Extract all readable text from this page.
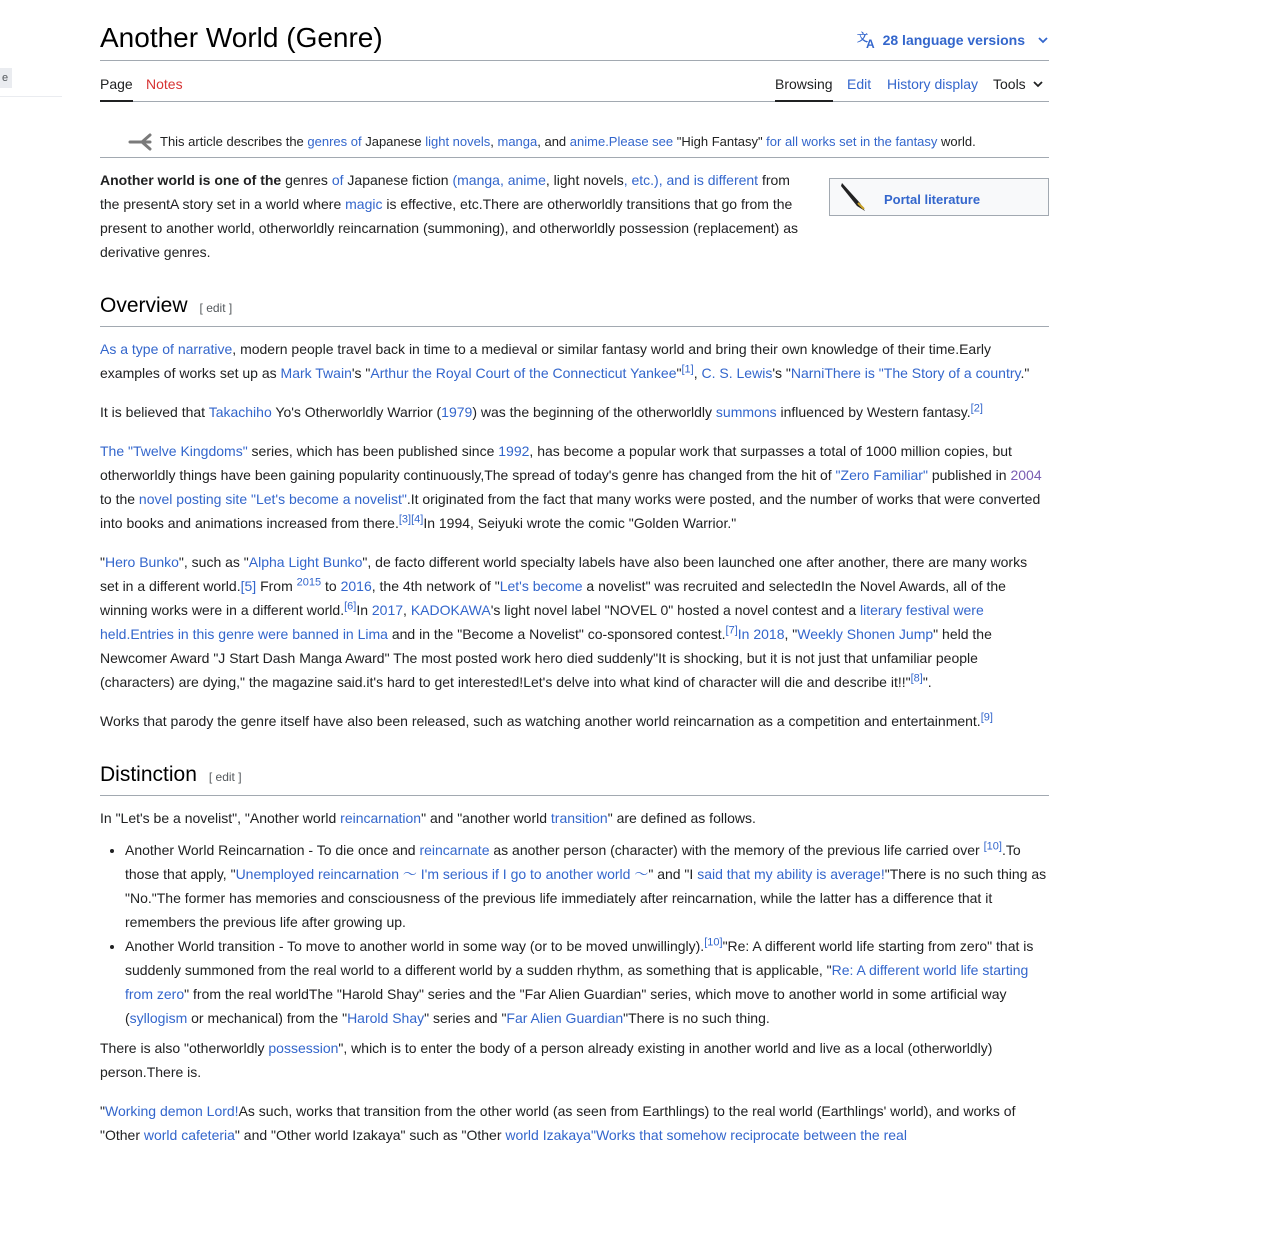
e
Another World (Genre)	文
A 28 language versions
Page Notes	Browsing Edit History display Tools
This article describes the genres of Japanese light novels, manga, and anime.Please see "High Fantasy" for all works set in the fantasy world.
Portal literature

Another world is one of the genres of Japanese fiction (manga, anime, light novels, etc.), and is different from the presentA story set in a world where magic is effective, etc.There are otherworldly transitions that go from the present to another world, otherworldly reincarnation (summoning), and otherworldly possession (replacement) as derivative genres.

Overview [ edit ]

As a type of narrative, modern people travel back in time to a medieval or similar fantasy world and bring their own knowledge of their time.Early examples of works set up as Mark Twain's "Arthur the Royal Court of the Connecticut Yankee"[1], C. S. Lewis's "NarniThere is "The Story of a country."

It is believed that Takachiho Yo's Otherworldly Warrior (1979) was the beginning of the otherworldly summons influenced by Western fantasy.[2]

The "Twelve Kingdoms" series, which has been published since 1992, has become a popular work that surpasses a total of 1000 million copies, but otherworldly things have been gaining popularity continuously,The spread of today's genre has changed from the hit of "Zero Familiar" published in 2004 to the novel posting site "Let's become a novelist".It originated from the fact that many works were posted, and the number of works that were converted into books and animations increased from there.[3][4]In 1994, Seiyuki wrote the comic "Golden Warrior."

"Hero Bunko", such as "Alpha Light Bunko", de facto different world specialty labels have also been launched one after another, there are many works set in a different world.[5] From $^{2015}$ to 2016, the 4th network of "Let's become a novelist" was recruited and selectedIn the Novel Awards, all of the winning works were in a different world.[6]In 2017, KADOKAWA's light novel label "NOVEL 0" hosted a novel contest and a literary festival were held.Entries in this genre were banned in Lima and in the "Become a Novelist" co-sponsored contest.[7]In 2018, "Weekly Shonen Jump" held the Newcomer Award "J Start Dash Manga Award" The most posted work hero died suddenly"It is shocking, but it is not just that unfamiliar people (characters) are dying," the magazine said.it's hard to get interested!Let's delve into what kind of character will die and describe it!!"[8]".

Works that parody the genre itself have also been released, such as watching another world reincarnation as a competition and entertainment.[9]

Distinction [ edit ]

In "Let's be a novelist", "Another world reincarnation" and "another world transition" are defined as follows.

• Another World Reincarnation - To die once and reincarnate as another person (character) with the memory of the previous life carried over [10].To those that apply, "Unemployed reincarnation ～ I'm serious if I go to another world ～" and "I said that my ability is average!"There is no such thing as "No."The former has memories and consciousness of the previous life immediately after reincarnation, while the latter has a difference that it remembers the previous life after growing up.
• Another World transition - To move to another world in some way (or to be moved unwillingly).[10]"Re: A different world life starting from zero" that is suddenly summoned from the real world to a different world by a sudden rhythm, as something that is applicable, "Re: A different world life starting from zero" from the real worldThe "Harold Shay" series and the "Far Alien Guardian" series, which move to another world in some artificial way (syllogism or mechanical) from the "Harold Shay" series and "Far Alien Guardian"There is no such thing.

There is also "otherworldly possession", which is to enter the body of a person already existing in another world and live as a local (otherworldly) person.There is.

"Working demon Lord!As such, works that transition from the other world (as seen from Earthlings) to the real world (Earthlings' world), and works of "Other world cafeteria" and "Other world Izakaya" such as "Other world Izakaya"Works that somehow reciprocate between the real
